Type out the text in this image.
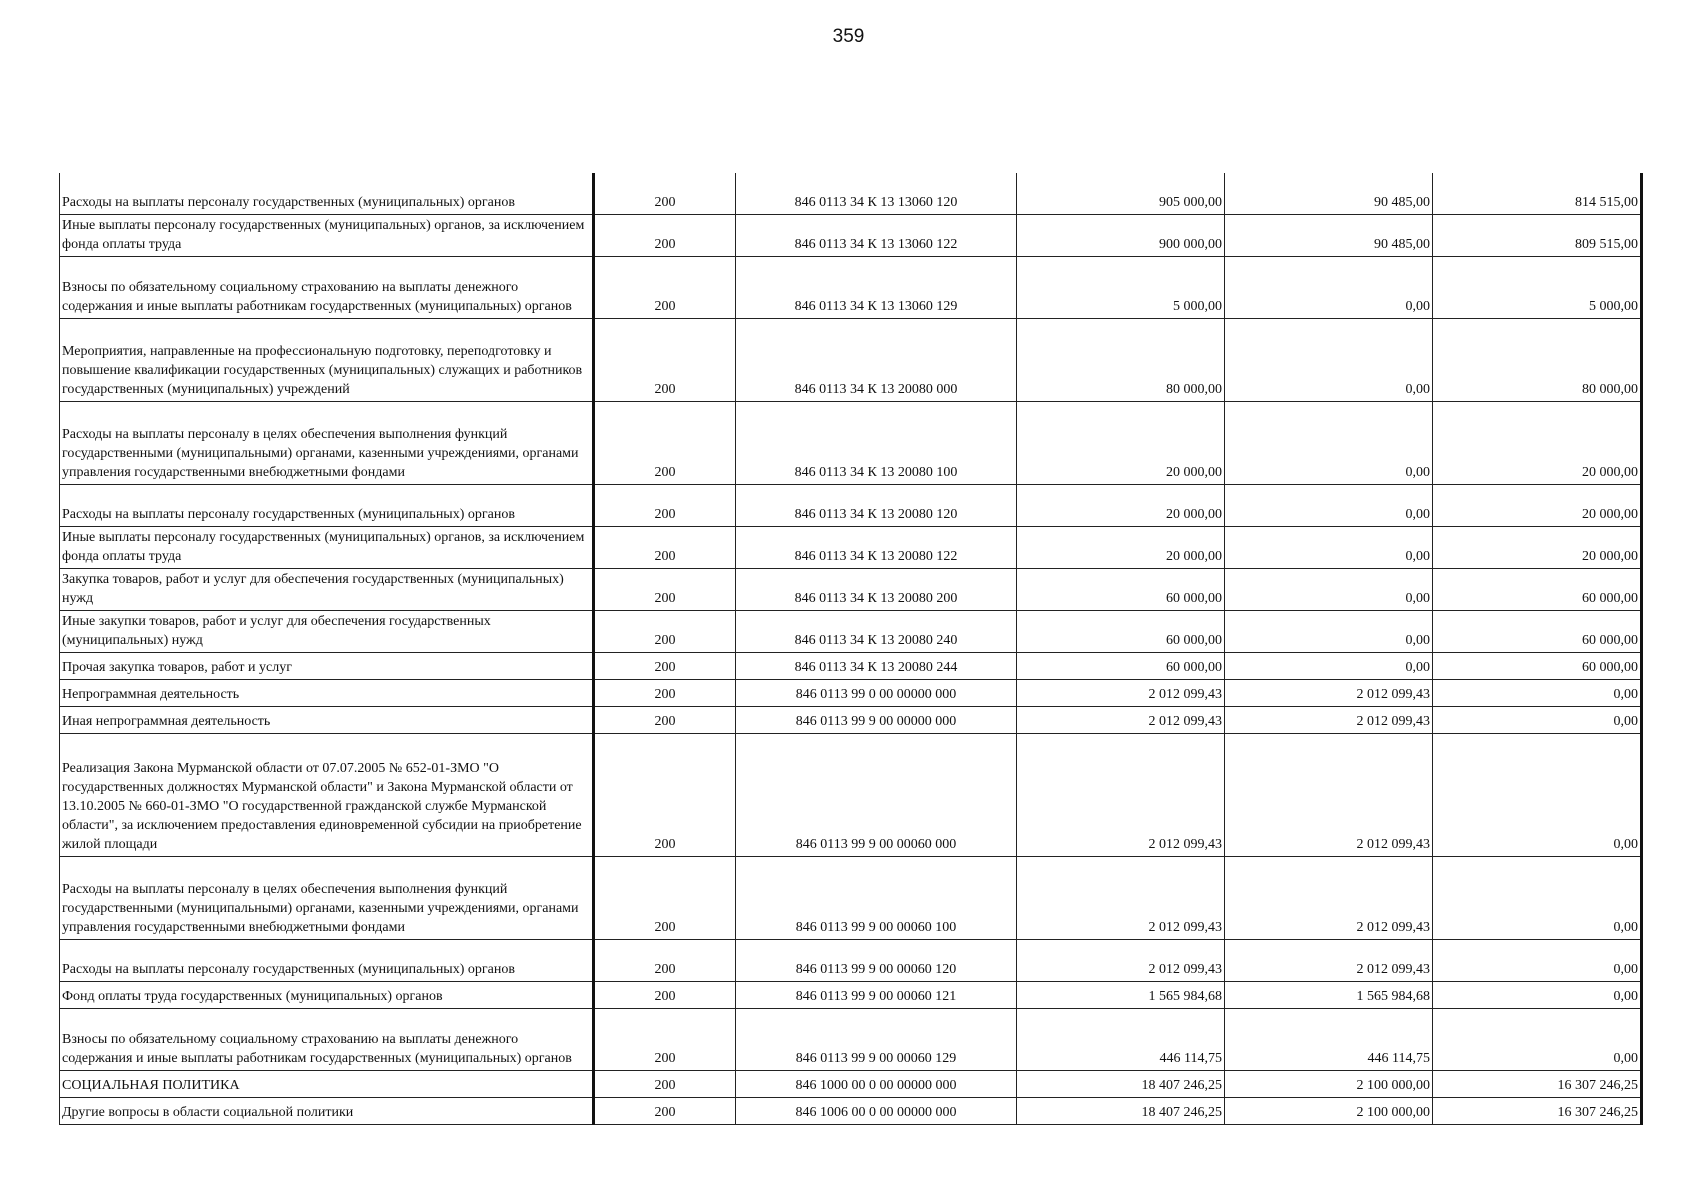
359
Расходы на выплаты персоналу государственных (муниципальных) органов	200	846 0113 34 К 13 13060 120	905 000,00	90 485,00	814 515,00
Иные выплаты персоналу государственных (муниципальных) органов, за исключением фонда оплаты труда	200	846 0113 34 К 13 13060 122	900 000,00	90 485,00	809 515,00
Взносы по обязательному социальному страхованию на выплаты денежного содержания и иные выплаты работникам государственных (муниципальных) органов	200	846 0113 34 К 13 13060 129	5 000,00	0,00	5 000,00
Мероприятия, направленные на профессиональную подготовку, переподготовку и повышение квалификации государственных (муниципальных) служащих и работников государственных (муниципальных) учреждений	200	846 0113 34 К 13 20080 000	80 000,00	0,00	80 000,00
Расходы на выплаты персоналу в целях обеспечения выполнения функций государственными (муниципальными) органами, казенными учреждениями, органами управления государственными внебюджетными фондами	200	846 0113 34 К 13 20080 100	20 000,00	0,00	20 000,00
Расходы на выплаты персоналу государственных (муниципальных) органов	200	846 0113 34 К 13 20080 120	20 000,00	0,00	20 000,00
Иные выплаты персоналу государственных (муниципальных) органов, за исключением фонда оплаты труда	200	846 0113 34 К 13 20080 122	20 000,00	0,00	20 000,00
Закупка товаров, работ и услуг для обеспечения государственных (муниципальных) нужд	200	846 0113 34 К 13 20080 200	60 000,00	0,00	60 000,00
Иные закупки товаров, работ и услуг для обеспечения государственных (муниципальных) нужд	200	846 0113 34 К 13 20080 240	60 000,00	0,00	60 000,00
Прочая закупка товаров, работ и услуг	200	846 0113 34 К 13 20080 244	60 000,00	0,00	60 000,00
Непрограммная деятельность	200	846 0113 99 0 00 00000 000	2 012 099,43	2 012 099,43	0,00
Иная непрограммная деятельность	200	846 0113 99 9 00 00000 000	2 012 099,43	2 012 099,43	0,00
Реализация Закона Мурманской области от 07.07.2005 № 652-01-ЗМО "О государственных должностях Мурманской области" и Закона Мурманской области от 13.10.2005 № 660-01-ЗМО "О государственной гражданской службе Мурманской области", за исключением предоставления единовременной субсидии на приобретение жилой площади	200	846 0113 99 9 00 00060 000	2 012 099,43	2 012 099,43	0,00
Расходы на выплаты персоналу в целях обеспечения выполнения функций государственными (муниципальными) органами, казенными учреждениями, органами управления государственными внебюджетными фондами	200	846 0113 99 9 00 00060 100	2 012 099,43	2 012 099,43	0,00
Расходы на выплаты персоналу государственных (муниципальных) органов	200	846 0113 99 9 00 00060 120	2 012 099,43	2 012 099,43	0,00
Фонд оплаты труда государственных (муниципальных) органов	200	846 0113 99 9 00 00060 121	1 565 984,68	1 565 984,68	0,00
Взносы по обязательному социальному страхованию на выплаты денежного содержания и иные выплаты работникам государственных (муниципальных) органов	200	846 0113 99 9 00 00060 129	446 114,75	446 114,75	0,00
СОЦИАЛЬНАЯ ПОЛИТИКА	200	846 1000 00 0 00 00000 000	18 407 246,25	2 100 000,00	16 307 246,25
Другие вопросы в области социальной политики	200	846 1006 00 0 00 00000 000	18 407 246,25	2 100 000,00	16 307 246,25
